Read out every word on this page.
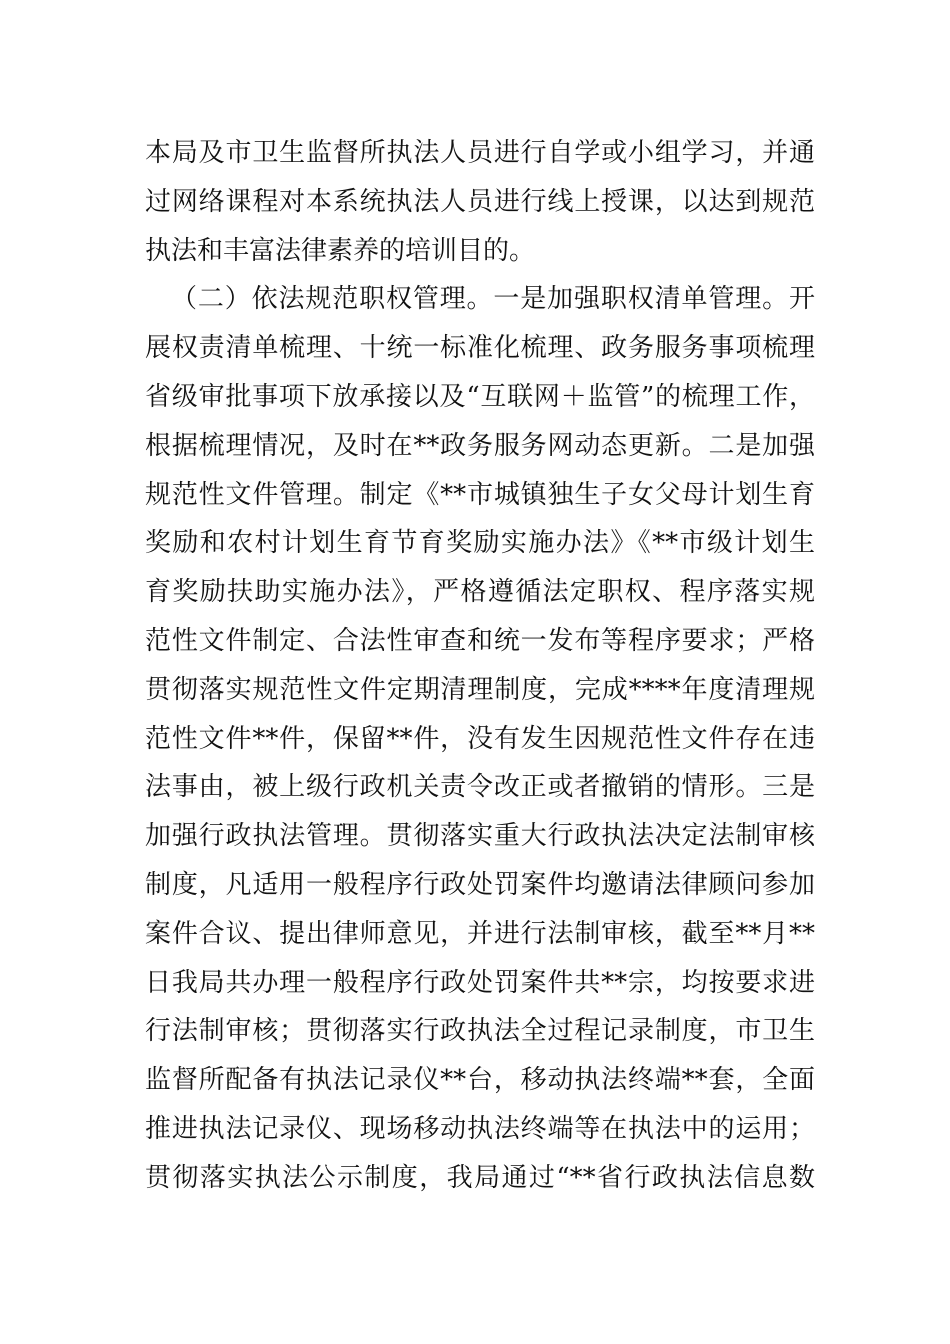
本局及市卫生监督所执法人员进行自学或小组学习，并通
过网络课程对本系统执法人员进行线上授课，以达到规范
执法和丰富法律素养的培训目的。
（二）依法规范职权管理。一是加强职权清单管理。开
展权责清单梳理、十统一标准化梳理、政务服务事项梳理
省级审批事项下放承接以及“互联网＋监管”的梳理工作，
根据梳理情况，及时在**政务服务网动态更新。二是加强
规范性文件管理。制定《**市城镇独生子女父母计划生育
奖励和农村计划生育节育奖励实施办法》《**市级计划生
育奖励扶助实施办法》，严格遵循法定职权、程序落实规
范性文件制定、合法性审查和统一发布等程序要求；严格
贯彻落实规范性文件定期清理制度，完成****年度清理规
范性文件**件，保留**件，没有发生因规范性文件存在违
法事由，被上级行政机关责令改正或者撤销的情形。三是
加强行政执法管理。贯彻落实重大行政执法决定法制审核
制度，凡适用一般程序行政处罚案件均邀请法律顾问参加
案件合议、提出律师意见，并进行法制审核，截至**月**
日我局共办理一般程序行政处罚案件共**宗，均按要求进
行法制审核；贯彻落实行政执法全过程记录制度，市卫生
监督所配备有执法记录仪**台，移动执法终端**套，全面
推进执法记录仪、现场移动执法终端等在执法中的运用；
贯彻落实执法公示制度，我局通过“**省行政执法信息数
